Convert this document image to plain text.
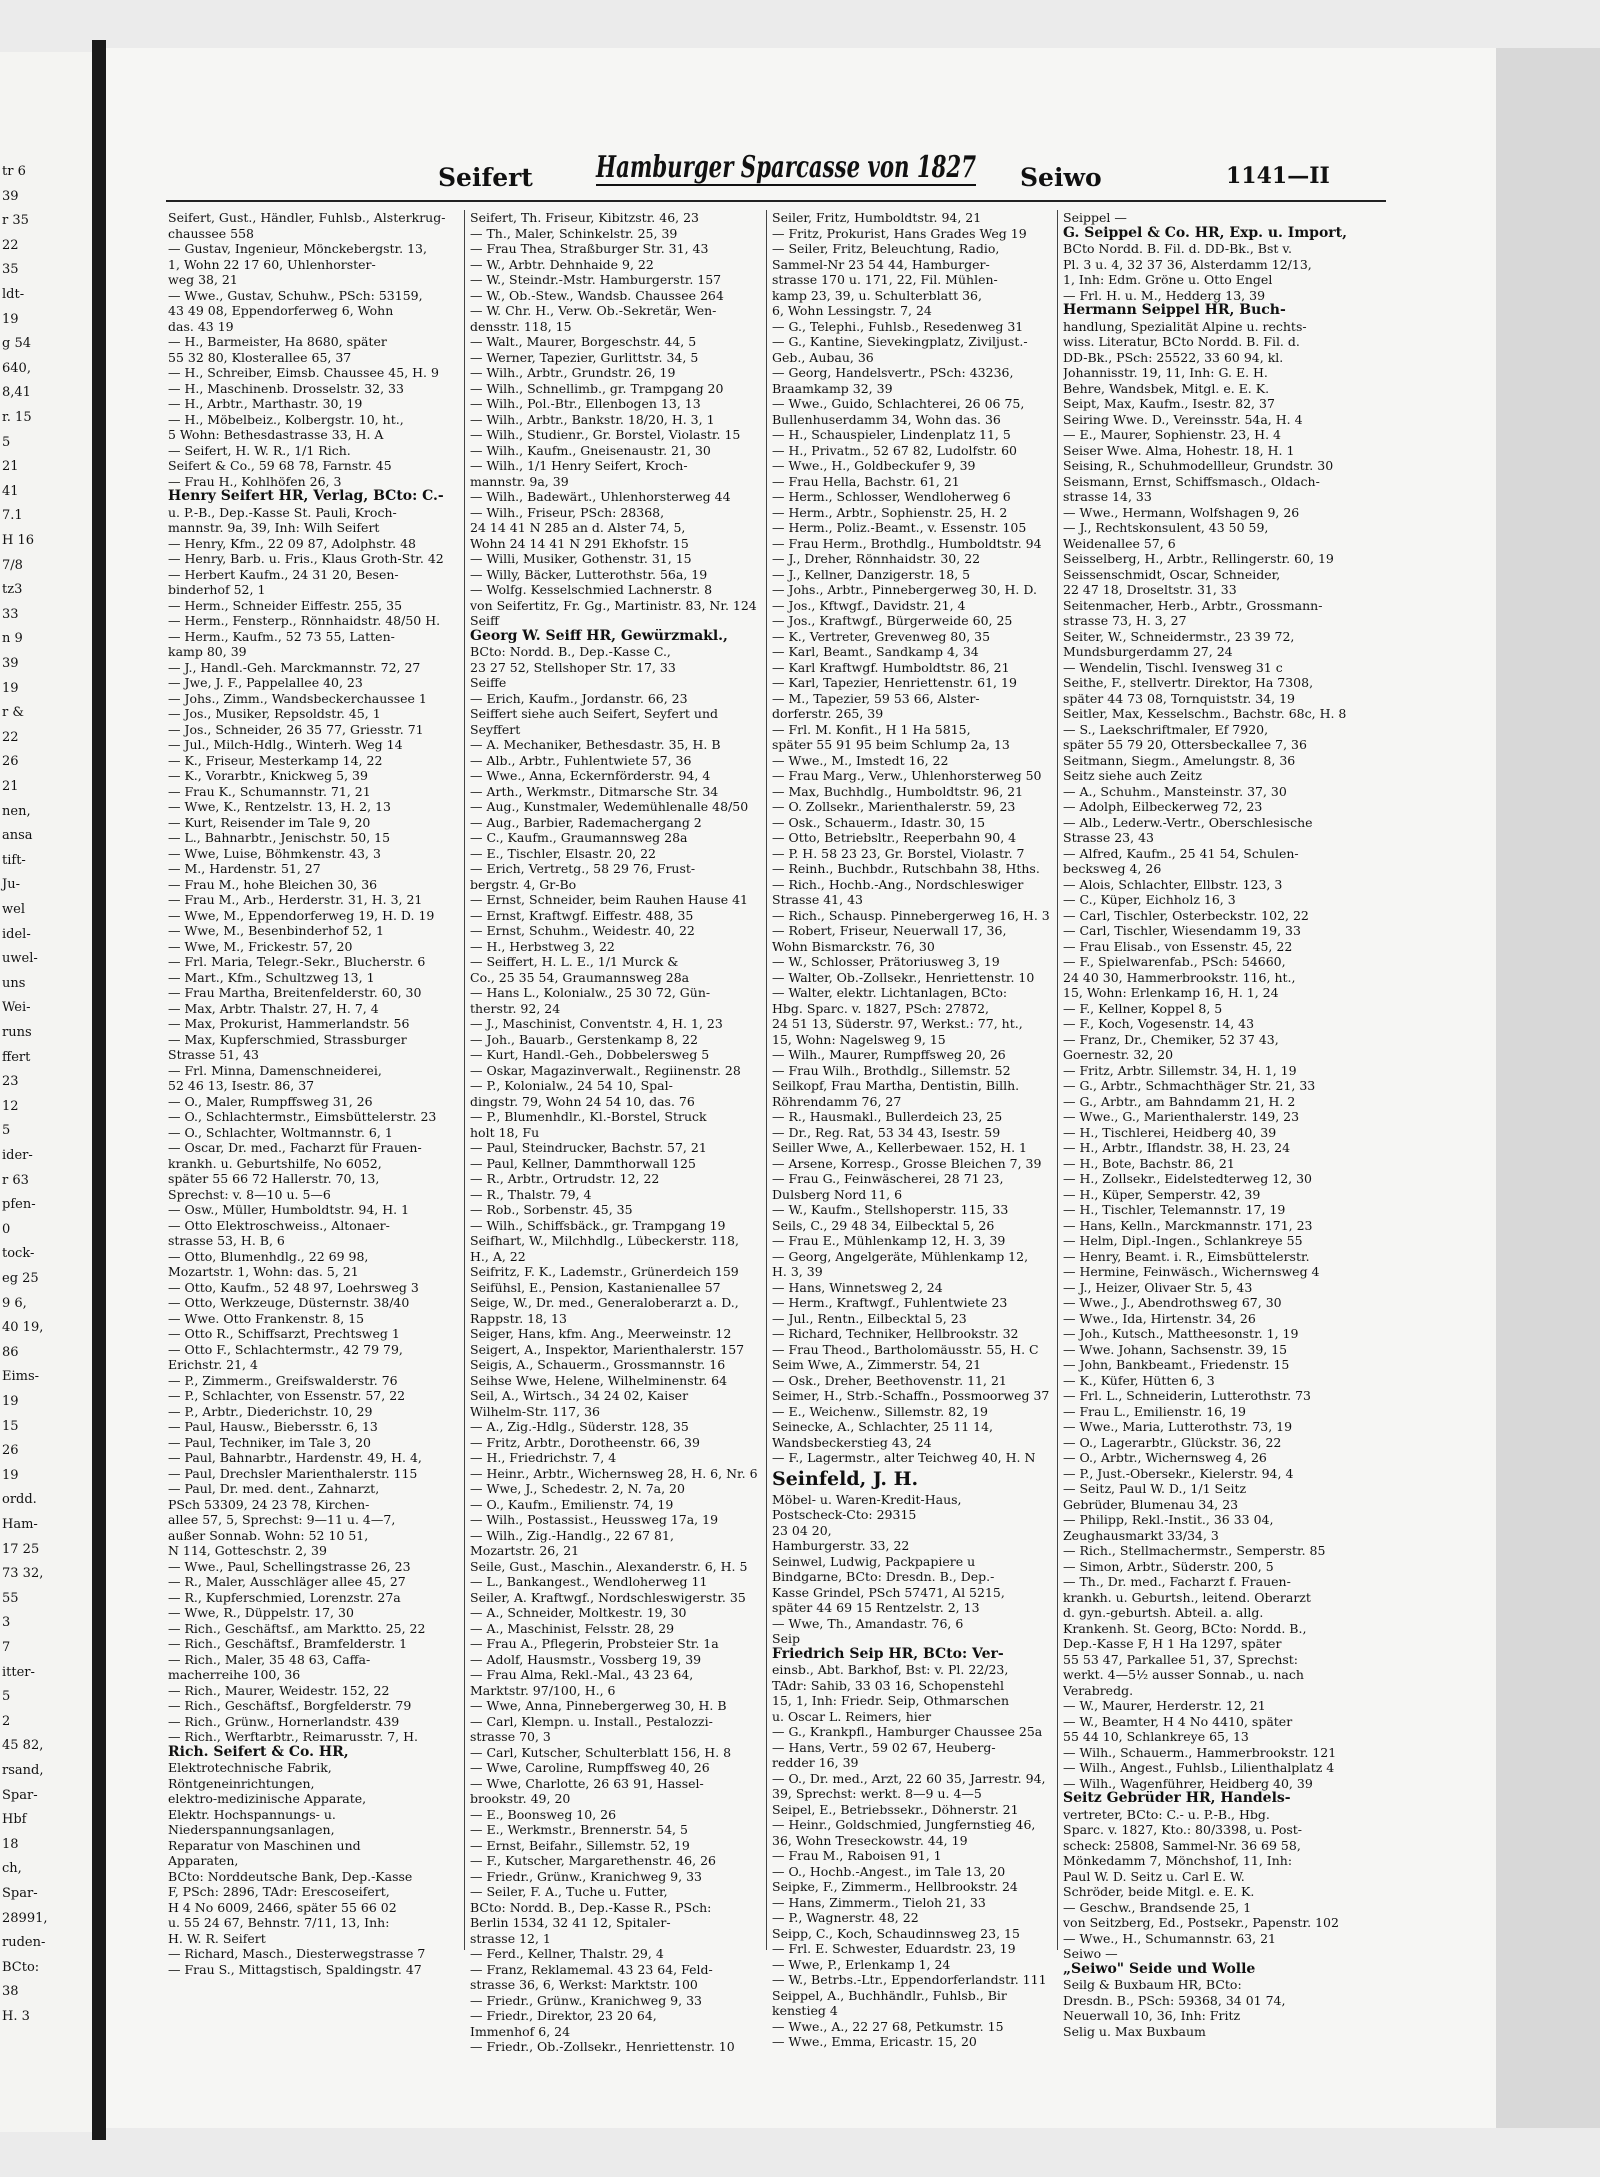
tr 6
39
r 35
22
35
ldt-
19
g 54
640,
8,41
r. 15
5
21
41
7.1
H 16
7/8
tz3
33
n 9
39
19
r &
22
26
21
nen,
ansa
tift-
Ju-
wel
idel-
uwel-
uns
Wei-
runs
ffert
23
12
5
ider-
r 63
pfen-
0
tock-
eg 25
9 6,
40 19,
86
Eims-
19
15
26
19
ordd.
Ham-
17 25
73 32,
55
3
7
itter-
5
2
45 82,
rsand,
Spar-
Hbf
18
ch,
Spar-
28991,
ruden-
BCto:
38
H. 3
Seifert Hamburger Sparcasse von 1827 Seiwo	1141—II
Seifert, Gust., Händler, Fuhlsb., Alsterkrug-
chaussee 558
— Gustav, Ingenieur, Mönckebergstr. 13,
1, Wohn 22 17 60, Uhlenhorster-
weg 38, 21
— Wwe., Gustav, Schuhw., PSch: 53159,
43 49 08, Eppendorferweg 6, Wohn
das. 43 19
— H., Barmeister, Ha 8680, später
55 32 80, Klosterallee 65, 37
— H., Schreiber, Eimsb. Chaussee 45, H. 9
— H., Maschinenb. Drosselstr. 32, 33
— H., Arbtr., Marthastr. 30, 19
— H., Möbelbeiz., Kolbergstr. 10, ht.,
5 Wohn: Bethesdastrasse 33, H. A
— Seifert, H. W. R., 1/1 Rich.
Seifert & Co., 59 68 78, Farnstr. 45
— Frau H., Kohlhöfen 26, 3
Henry Seifert HR, Verlag, BCto: C.-
u. P.-B., Dep.-Kasse St. Pauli, Kroch-
mannstr. 9a, 39, Inh: Wilh Seifert
— Henry, Kfm., 22 09 87, Adolphstr. 48
— Henry, Barb. u. Fris., Klaus Groth-Str. 42
— Herbert Kaufm., 24 31 20, Besen-
binderhof 52, 1
— Herm., Schneider Eiffestr. 255, 35
— Herm., Fensterp., Rönnhaidstr. 48/50 H.
— Herm., Kaufm., 52 73 55, Latten-
kamp 80, 39
— J., Handl.-Geh. Marckmannstr. 72, 27
— Jwe, J. F., Pappelallee 40, 23
— Johs., Zimm., Wandsbeckerchaussee 1
— Jos., Musiker, Repsoldstr. 45, 1
— Jos., Schneider, 26 35 77, Griesstr. 71
— Jul., Milch-Hdlg., Winterh. Weg 14
— K., Friseur, Mesterkamp 14, 22
— K., Vorarbtr., Knickweg 5, 39
— Frau K., Schumannstr. 71, 21
— Wwe, K., Rentzelstr. 13, H. 2, 13
— Kurt, Reisender im Tale 9, 20
— L., Bahnarbtr., Jenischstr. 50, 15
— Wwe, Luise, Böhmkenstr. 43, 3
— M., Hardenstr. 51, 27
— Frau M., hohe Bleichen 30, 36
— Frau M., Arb., Herderstr. 31, H. 3, 21
— Wwe, M., Eppendorferweg 19, H. D. 19
— Wwe, M., Besenbinderhof 52, 1
— Wwe, M., Frickestr. 57, 20
— Frl. Maria, Telegr.-Sekr., Blucherstr. 6
— Mart., Kfm., Schultzweg 13, 1
— Frau Martha, Breitenfelderstr. 60, 30
— Max, Arbtr. Thalstr. 27, H. 7, 4
— Max, Prokurist, Hammerlandstr. 56
— Max, Kupferschmied, Strassburger
Strasse 51, 43
— Frl. Minna, Damenschneiderei,
52 46 13, Isestr. 86, 37
— O., Maler, Rumpffsweg 31, 26
— O., Schlachtermstr., Eimsbüttelerstr. 23
— O., Schlachter, Woltmannstr. 6, 1
— Oscar, Dr. med., Facharzt für Frauen-
krankh. u. Geburtshilfe, No 6052,
später 55 66 72 Hallerstr. 70, 13,
Sprechst: v. 8—10 u. 5—6
— Osw., Müller, Humboldtstr. 94, H. 1
— Otto Elektroschweiss., Altonaer-
strasse 53, H. B, 6
— Otto, Blumenhdlg., 22 69 98,
Mozartstr. 1, Wohn: das. 5, 21
— Otto, Kaufm., 52 48 97, Loehrsweg 3
— Otto, Werkzeuge, Düsternstr. 38/40
— Wwe. Otto Frankenstr. 8, 15
— Otto R., Schiffsarzt, Prechtsweg 1
— Otto F., Schlachtermstr., 42 79 79,
Erichstr. 21, 4
— P., Zimmerm., Greifswalderstr. 76
— P., Schlachter, von Essenstr. 57, 22
— P., Arbtr., Diederichstr. 10, 29
— Paul, Hausw., Biebersstr. 6, 13
— Paul, Techniker, im Tale 3, 20
— Paul, Bahnarbtr., Hardenstr. 49, H. 4,
— Paul, Drechsler Marienthalerstr. 115
— Paul, Dr. med. dent., Zahnarzt,
PSch 53309, 24 23 78, Kirchen-
allee 57, 5, Sprechst: 9—11 u. 4—7,
außer Sonnab. Wohn: 52 10 51,
N 114, Gotteschstr. 2, 39
— Wwe., Paul, Schellingstrasse 26, 23
— R., Maler, Ausschläger allee 45, 27
— R., Kupferschmied, Lorenzstr. 27a
— Wwe, R., Düppelstr. 17, 30
— Rich., Geschäftsf., am Marktto. 25, 22
— Rich., Geschäftsf., Bramfelderstr. 1
— Rich., Maler, 35 48 63, Caffa-
macherreihe 100, 36
— Rich., Maurer, Weidestr. 152, 22
— Rich., Geschäftsf., Borgfelderstr. 79
— Rich., Grünw., Hornerlandstr. 439
— Rich., Werftarbtr., Reimarusstr. 7, H.
Rich. Seifert & Co. HR,
Elektrotechnische Fabrik,
Röntgeneinrichtungen,
elektro-medizinische Apparate,
Elektr. Hochspannungs- u.
Niederspannungsanlagen,
Reparatur von Maschinen und
Apparaten,
BCto: Norddeutsche Bank, Dep.-Kasse
F, PSch: 2896, TAdr: Erescoseifert,
H 4 No 6009, 2466, später 55 66 02
u. 55 24 67, Behnstr. 7/11, 13, Inh:
H. W. R. Seifert
— Richard, Masch., Diesterwegstrasse 7
— Frau S., Mittagstisch, Spaldingstr. 47
Seifert, Th. Friseur, Kibitzstr. 46, 23
— Th., Maler, Schinkelstr. 25, 39
— Frau Thea, Straßburger Str. 31, 43
— W., Arbtr. Dehnhaide 9, 22
— W., Steindr.-Mstr. Hamburgerstr. 157
— W., Ob.-Stew., Wandsb. Chaussee 264
— W. Chr. H., Verw. Ob.-Sekretär, Wen-
densstr. 118, 15
— Walt., Maurer, Borgeschstr. 44, 5
— Werner, Tapezier, Gurlittstr. 34, 5
— Wilh., Arbtr., Grundstr. 26, 19
— Wilh., Schnellimb., gr. Trampgang 20
— Wilh., Pol.-Btr., Ellenbogen 13, 13
— Wilh., Arbtr., Bankstr. 18/20, H. 3, 1
— Wilh., Studienr., Gr. Borstel, Violastr. 15
— Wilh., Kaufm., Gneisenaustr. 21, 30
— Wilh., 1/1 Henry Seifert, Kroch-
mannstr. 9a, 39
— Wilh., Badewärt., Uhlenhorsterweg 44
— Wilh., Friseur, PSch: 28368,
24 14 41 N 285 an d. Alster 74, 5,
Wohn 24 14 41 N 291 Ekhofstr. 15
— Willi, Musiker, Gothenstr. 31, 15
— Willy, Bäcker, Lutterothstr. 56a, 19
— Wolfg. Kesselschmied Lachnerstr. 8
von Seifertitz, Fr. Gg., Martinistr. 83, Nr. 124
Seiff
Georg W. Seiff HR, Gewürzmakl.,
BCto: Nordd. B., Dep.-Kasse C.,
23 27 52, Stellshoper Str. 17, 33
Seiffe
— Erich, Kaufm., Jordanstr. 66, 23
Seiffert siehe auch Seifert, Seyfert und
Seyffert
— A. Mechaniker, Bethesdastr. 35, H. B
— Alb., Arbtr., Fuhlentwiete 57, 36
— Wwe., Anna, Eckernförderstr. 94, 4
— Arth., Werkmstr., Ditmarsche Str. 34
— Aug., Kunstmaler, Wedemühlenalle 48/50
— Aug., Barbier, Rademachergang 2
— C., Kaufm., Graumannsweg 28a
— E., Tischler, Elsastr. 20, 22
— Erich, Vertretg., 58 29 76, Frust-
bergstr. 4, Gr-Bo
— Ernst, Schneider, beim Rauhen Hause 41
— Ernst, Kraftwgf. Eiffestr. 488, 35
— Ernst, Schuhm., Weidestr. 40, 22
— H., Herbstweg 3, 22
— Seiffert, H. L. E., 1/1 Murck &
Co., 25 35 54, Graumannsweg 28a
— Hans L., Kolonialw., 25 30 72, Gün-
therstr. 92, 24
— J., Maschinist, Conventstr. 4, H. 1, 23
— Joh., Bauarb., Gerstenkamp 8, 22
— Kurt, Handl.-Geh., Dobbelersweg 5
— Oskar, Magazinverwalt., Regiinenstr. 28
— P., Kolonialw., 24 54 10, Spal-
dingstr. 79, Wohn 24 54 10, das. 76
— P., Blumenhdlr., Kl.-Borstel, Struck
holt 18, Fu
— Paul, Steindrucker, Bachstr. 57, 21
— Paul, Kellner, Dammthorwall 125
— R., Arbtr., Ortrudstr. 12, 22
— R., Thalstr. 79, 4
— Rob., Sorbenstr. 45, 35
— Wilh., Schiffsbäck., gr. Trampgang 19
Seifhart, W., Milchhdlg., Lübeckerstr. 118,
H., A, 22
Seifritz, F. K., Lademstr., Grünerdeich 159
Seifühsl, E., Pension, Kastanienallee 57
Seige, W., Dr. med., Generaloberarzt a. D.,
Rappstr. 18, 13
Seiger, Hans, kfm. Ang., Meerweinstr. 12
Seigert, A., Inspektor, Marienthalerstr. 157
Seigis, A., Schauerm., Grossmannstr. 16
Seihse Wwe, Helene, Wilhelminenstr. 64
Seil, A., Wirtsch., 34 24 02, Kaiser
Wilhelm-Str. 117, 36
— A., Zig.-Hdlg., Süderstr. 128, 35
— Fritz, Arbtr., Dorotheenstr. 66, 39
— H., Friedrichstr. 7, 4
— Heinr., Arbtr., Wichernsweg 28, H. 6, Nr. 6
— Wwe, J., Schedestr. 2, N. 7a, 20
— O., Kaufm., Emilienstr. 74, 19
— Wilh., Postassist., Heussweg 17a, 19
— Wilh., Zig.-Handlg., 22 67 81,
Mozartstr. 26, 21
Seile, Gust., Maschin., Alexanderstr. 6, H. 5
— L., Bankangest., Wendloherweg 11
Seiler, A. Kraftwgf., Nordschleswigerstr. 35
— A., Schneider, Moltkestr. 19, 30
— A., Maschinist, Felsstr. 28, 29
— Frau A., Pflegerin, Probsteier Str. 1a
— Adolf, Hausmstr., Vossberg 19, 39
— Frau Alma, Rekl.-Mal., 43 23 64,
Marktstr. 97/100, H., 6
— Wwe, Anna, Pinnebergerweg 30, H. B
— Carl, Klempn. u. Install., Pestalozzi-
strasse 70, 3
— Carl, Kutscher, Schulterblatt 156, H. 8
— Wwe, Caroline, Rumpffsweg 40, 26
— Wwe, Charlotte, 26 63 91, Hassel-
brookstr. 49, 20
— E., Boonsweg 10, 26
— E., Werkmstr., Brennerstr. 54, 5
— Ernst, Beifahr., Sillemstr. 52, 19
— F., Kutscher, Margarethenstr. 46, 26
— Friedr., Grünw., Kranichweg 9, 33
— Seiler, F. A., Tuche u. Futter,
BCto: Nordd. B., Dep.-Kasse R., PSch:
Berlin 1534, 32 41 12, Spitaler-
strasse 12, 1
— Ferd., Kellner, Thalstr. 29, 4
— Franz, Reklamemal. 43 23 64, Feld-
strasse 36, 6, Werkst: Marktstr. 100
— Friedr., Grünw., Kranichweg 9, 33
— Friedr., Direktor, 23 20 64,
Immenhof 6, 24
— Friedr., Ob.-Zollsekr., Henriettenstr. 10
Seiler, Fritz, Humboldtstr. 94, 21
— Fritz, Prokurist, Hans Grades Weg 19
— Seiler, Fritz, Beleuchtung, Radio,
Sammel-Nr 23 54 44, Hamburger-
strasse 170 u. 171, 22, Fil. Mühlen-
kamp 23, 39, u. Schulterblatt 36,
6, Wohn Lessingstr. 7, 24
— G., Telephi., Fuhlsb., Resedenweg 31
— G., Kantine, Sievekingplatz, Ziviljust.-
Geb., Aubau, 36
— Georg, Handelsvertr., PSch: 43236,
Braamkamp 32, 39
— Wwe., Guido, Schlachterei, 26 06 75,
Bullenhuserdamm 34, Wohn das. 36
— H., Schauspieler, Lindenplatz 11, 5
— H., Privatm., 52 67 82, Ludolfstr. 60
— Wwe., H., Goldbeckufer 9, 39
— Frau Hella, Bachstr. 61, 21
— Herm., Schlosser, Wendloherweg 6
— Herm., Arbtr., Sophienstr. 25, H. 2
— Herm., Poliz.-Beamt., v. Essenstr. 105
— Frau Herm., Brothdlg., Humboldtstr. 94
— J., Dreher, Rönnhaidstr. 30, 22
— J., Kellner, Danzigerstr. 18, 5
— Johs., Arbtr., Pinnebergerweg 30, H. D.
— Jos., Kftwgf., Davidstr. 21, 4
— Jos., Kraftwgf., Bürgerweide 60, 25
— K., Vertreter, Grevenweg 80, 35
— Karl, Beamt., Sandkamp 4, 34
— Karl Kraftwgf. Humboldtstr. 86, 21
— Karl, Tapezier, Henriettenstr. 61, 19
— M., Tapezier, 59 53 66, Alster-
dorferstr. 265, 39
— Frl. M. Konfit., H 1 Ha 5815,
später 55 91 95 beim Schlump 2a, 13
— Wwe., M., Imstedt 16, 22
— Frau Marg., Verw., Uhlenhorsterweg 50
— Max, Buchhdlg., Humboldtstr. 96, 21
— O. Zollsekr., Marienthalerstr. 59, 23
— Osk., Schauerm., Idastr. 30, 15
— Otto, Betriebsltr., Reeperbahn 90, 4
— P. H. 58 23 23, Gr. Borstel, Violastr. 7
— Reinh., Buchbdr., Rutschbahn 38, Hths.
— Rich., Hochb.-Ang., Nordschleswiger
Strasse 41, 43
— Rich., Schausp. Pinnebergerweg 16, H. 3
— Robert, Friseur, Neuerwall 17, 36,
Wohn Bismarckstr. 76, 30
— W., Schlosser, Prätoriusweg 3, 19
— Walter, Ob.-Zollsekr., Henriettenstr. 10
— Walter, elektr. Lichtanlagen, BCto:
Hbg. Sparc. v. 1827, PSch: 27872,
24 51 13, Süderstr. 97, Werkst.: 77, ht.,
15, Wohn: Nagelsweg 9, 15
— Wilh., Maurer, Rumpffsweg 20, 26
— Frau Wilh., Brothdlg., Sillemstr. 52
Seilkopf, Frau Martha, Dentistin, Billh.
Röhrendamm 76, 27
— R., Hausmakl., Bullerdeich 23, 25
— Dr., Reg. Rat, 53 34 43, Isestr. 59
Seiller Wwe, A., Kellerbewaer. 152, H. 1
— Arsene, Korresp., Grosse Bleichen 7, 39
— Frau G., Feinwäscherei, 28 71 23,
Dulsberg Nord 11, 6
— W., Kaufm., Stellshoperstr. 115, 33
Seils, C., 29 48 34, Eilbecktal 5, 26
— Frau E., Mühlenkamp 12, H. 3, 39
— Georg, Angelgeräte, Mühlenkamp 12,
H. 3, 39
— Hans, Winnetsweg 2, 24
— Herm., Kraftwgf., Fuhlentwiete 23
— Jul., Rentn., Eilbecktal 5, 23
— Richard, Techniker, Hellbrookstr. 32
— Frau Theod., Bartholomäusstr. 55, H. C
Seim Wwe, A., Zimmerstr. 54, 21
— Osk., Dreher, Beethovenstr. 11, 21
Seimer, H., Strb.-Schaffn., Possmoorweg 37
— E., Weichenw., Sillemstr. 82, 19
Seinecke, A., Schlachter, 25 11 14,
Wandsbeckerstieg 43, 24
— F., Lagermstr., alter Teichweg 40, H. N
Seinfeld, J. H.
Möbel- u. Waren-Kredit-Haus,
Postscheck-Cto: 29315
23 04 20,
Hamburgerstr. 33, 22
Seinwel, Ludwig, Packpapiere u
Bindgarne, BCto: Dresdn. B., Dep.-
Kasse Grindel, PSch 57471, Al 5215,
später 44 69 15 Rentzelstr. 2, 13
— Wwe, Th., Amandastr. 76, 6
Seip
Friedrich Seip HR, BCto: Ver-
einsb., Abt. Barkhof, Bst: v. Pl. 22/23,
TAdr: Sahib, 33 03 16, Schopenstehl
15, 1, Inh: Friedr. Seip, Othmarschen
u. Oscar L. Reimers, hier
— G., Krankpfl., Hamburger Chaussee 25a
— Hans, Vertr., 59 02 67, Heuberg-
redder 16, 39
— O., Dr. med., Arzt, 22 60 35, Jarrestr. 94,
39, Sprechst: werkt. 8—9 u. 4—5
Seipel, E., Betriebssekr., Döhnerstr. 21
— Heinr., Goldschmied, Jungfernstieg 46,
36, Wohn Treseckowstr. 44, 19
— Frau M., Raboisen 91, 1
— O., Hochb.-Angest., im Tale 13, 20
Seipke, F., Zimmerm., Hellbrookstr. 24
— Hans, Zimmerm., Tieloh 21, 33
— P., Wagnerstr. 48, 22
Seipp, C., Koch, Schaudinnsweg 23, 15
— Frl. E. Schwester, Eduardstr. 23, 19
— Wwe, P., Erlenkamp 1, 24
— W., Betrbs.-Ltr., Eppendorferlandstr. 111
Seippel, A., Buchhändlr., Fuhlsb., Bir
kenstieg 4
— Wwe., A., 22 27 68, Petkumstr. 15
— Wwe., Emma, Ericastr. 15, 20
Seippel —
G. Seippel & Co. HR, Exp. u. Import,
BCto Nordd. B. Fil. d. DD-Bk., Bst v.
Pl. 3 u. 4, 32 37 36, Alsterdamm 12/13,
1, Inh: Edm. Gröne u. Otto Engel
— Frl. H. u. M., Hedderg 13, 39
Hermann Seippel HR, Buch-
handlung, Spezialität Alpine u. rechts-
wiss. Literatur, BCto Nordd. B. Fil. d.
DD-Bk., PSch: 25522, 33 60 94, kl.
Johannisstr. 19, 11, Inh: G. E. H.
Behre, Wandsbek, Mitgl. e. E. K.
Seipt, Max, Kaufm., Isestr. 82, 37
Seiring Wwe. D., Vereinsstr. 54a, H. 4
— E., Maurer, Sophienstr. 23, H. 4
Seiser Wwe. Alma, Hohestr. 18, H. 1
Seising, R., Schuhmodellleur, Grundstr. 30
Seismann, Ernst, Schiffsmasch., Oldach-
strasse 14, 33
— Wwe., Hermann, Wolfshagen 9, 26
— J., Rechtskonsulent, 43 50 59,
Weidenallee 57, 6
Seisselberg, H., Arbtr., Rellingerstr. 60, 19
Seissenschmidt, Oscar, Schneider,
22 47 18, Droseltstr. 31, 33
Seitenmacher, Herb., Arbtr., Grossmann-
strasse 73, H. 3, 27
Seiter, W., Schneidermstr., 23 39 72,
Mundsburgerdamm 27, 24
— Wendelin, Tischl. Ivensweg 31 c
Seithe, F., stellvertr. Direktor, Ha 7308,
später 44 73 08, Tornquiststr. 34, 19
Seitler, Max, Kesselschm., Bachstr. 68c, H. 8
— S., Laekschriftmaler, Ef 7920,
später 55 79 20, Ottersbeckallee 7, 36
Seitmann, Siegm., Amelungstr. 8, 36
Seitz siehe auch Zeitz
— A., Schuhm., Mansteinstr. 37, 30
— Adolph, Eilbeckerweg 72, 23
— Alb., Lederw.-Vertr., Oberschlesische
Strasse 23, 43
— Alfred, Kaufm., 25 41 54, Schulen-
becksweg 4, 26
— Alois, Schlachter, Ellbstr. 123, 3
— C., Küper, Eichholz 16, 3
— Carl, Tischler, Osterbeckstr. 102, 22
— Carl, Tischler, Wiesendamm 19, 33
— Frau Elisab., von Essenstr. 45, 22
— F., Spielwarenfab., PSch: 54660,
24 40 30, Hammerbrookstr. 116, ht.,
15, Wohn: Erlenkamp 16, H. 1, 24
— F., Kellner, Koppel 8, 5
— F., Koch, Vogesenstr. 14, 43
— Franz, Dr., Chemiker, 52 37 43,
Goernestr. 32, 20
— Fritz, Arbtr. Sillemstr. 34, H. 1, 19
— G., Arbtr., Schmachthäger Str. 21, 33
— G., Arbtr., am Bahndamm 21, H. 2
— Wwe., G., Marienthalerstr. 149, 23
— H., Tischlerei, Heidberg 40, 39
— H., Arbtr., Iflandstr. 38, H. 23, 24
— H., Bote, Bachstr. 86, 21
— H., Zollsekr., Eidelstedterweg 12, 30
— H., Küper, Semperstr. 42, 39
— H., Tischler, Telemannstr. 17, 19
— Hans, Kelln., Marckmannstr. 171, 23
— Helm, Dipl.-Ingen., Schlankreye 55
— Henry, Beamt. i. R., Eimsbüttelerstr.
— Hermine, Feinwäsch., Wichernsweg 4
— J., Heizer, Olivaer Str. 5, 43
— Wwe., J., Abendrothsweg 67, 30
— Wwe., Ida, Hirtenstr. 34, 26
— Joh., Kutsch., Mattheesonstr. 1, 19
— Wwe. Johann, Sachsenstr. 39, 15
— John, Bankbeamt., Friedenstr. 15
— K., Küfer, Hütten 6, 3
— Frl. L., Schneiderin, Lutterothstr. 73
— Frau L., Emilienstr. 16, 19
— Wwe., Maria, Lutterothstr. 73, 19
— O., Lagerarbtr., Glückstr. 36, 22
— O., Arbtr., Wichernsweg 4, 26
— P., Just.-Obersekr., Kielerstr. 94, 4
— Seitz, Paul W. D., 1/1 Seitz
Gebrüder, Blumenau 34, 23
— Philipp, Rekl.-Instit., 36 33 04,
Zeughausmarkt 33/34, 3
— Rich., Stellmachermstr., Semperstr. 85
— Simon, Arbtr., Süderstr. 200, 5
— Th., Dr. med., Facharzt f. Frauen-
krankh. u. Geburtsh., leitend. Oberarzt
d. gyn.-geburtsh. Abteil. a. allg.
Krankenh. St. Georg, BCto: Nordd. B.,
Dep.-Kasse F, H 1 Ha 1297, später
55 53 47, Parkallee 51, 37, Sprechst:
werkt. 4—5½ ausser Sonnab., u. nach
Verabredg.
— W., Maurer, Herderstr. 12, 21
— W., Beamter, H 4 No 4410, später
55 44 10, Schlankreye 65, 13
— Wilh., Schauerm., Hammerbrookstr. 121
— Wilh., Angest., Fuhlsb., Lilienthalplatz 4
— Wilh., Wagenführer, Heidberg 40, 39
Seitz Gebrüder HR, Handels-
vertreter, BCto: C.- u. P.-B., Hbg.
Sparc. v. 1827, Kto.: 80/3398, u. Post-
scheck: 25808, Sammel-Nr. 36 69 58,
Mönkedamm 7, Mönchshof, 11, Inh:
Paul W. D. Seitz u. Carl E. W.
Schröder, beide Mitgl. e. E. K.
— Geschw., Brandsende 25, 1
von Seitzberg, Ed., Postsekr., Papenstr. 102
— Wwe., H., Schumannstr. 63, 21
Seiwo —
„Seiwo" Seide und Wolle
Seilg & Buxbaum HR, BCto:
Dresdn. B., PSch: 59368, 34 01 74,
Neuerwall 10, 36, Inh: Fritz
Selig u. Max Buxbaum
